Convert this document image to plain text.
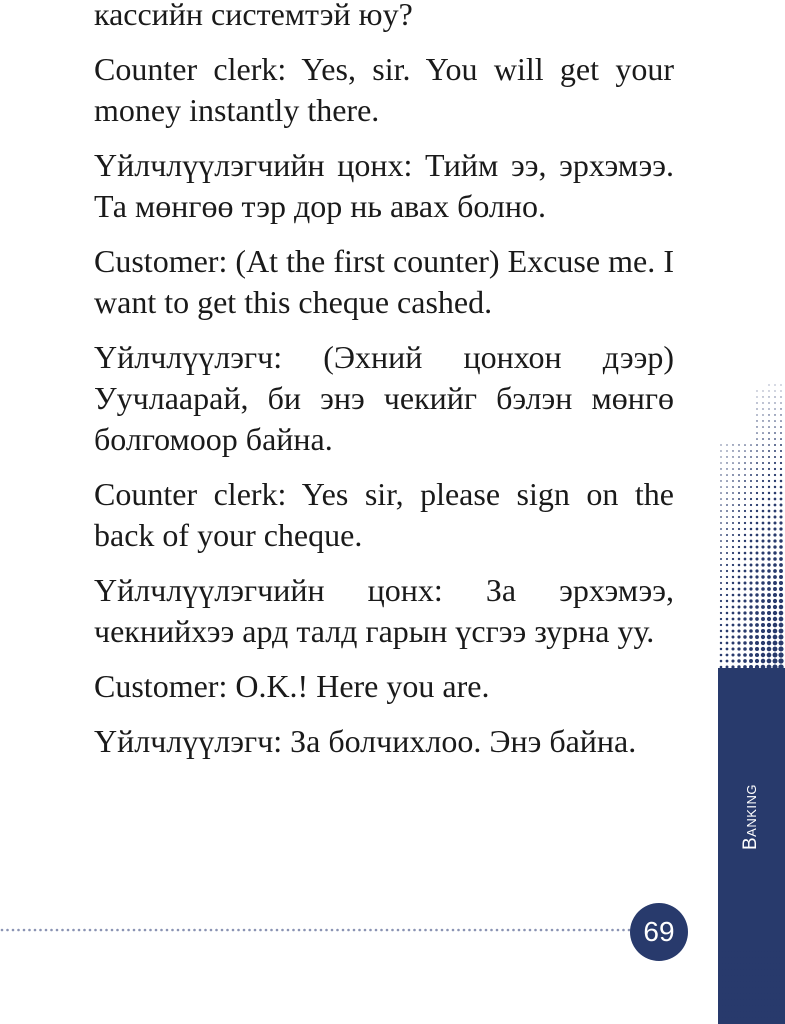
кассийн системтэй юу?

Counter clerk: Yes, sir. You will get your money instantly there.

Үйлчлүүлэгчийн цонх: Тийм ээ, эрхэмээ. Та мөнгөө тэр дор нь авах болно.

Customer: (At the first counter) Excuse me. I want to get this cheque cashed.

Үйлчлүүлэгч: (Эхний цонхон дээр) Уучлаарай, би энэ чекийг бэлэн мөнгө болгомоор байна.

Counter clerk: Yes sir, please sign on the back of your cheque.

Үйлчлүүлэгчийн цонх: За эрхэмээ, чекнийхээ ард талд гарын үсгээ зурна уу.

Customer: O.K.! Here you are.

Үйлчлүүлэгч: За болчихлоо. Энэ байна.

Banking
69
